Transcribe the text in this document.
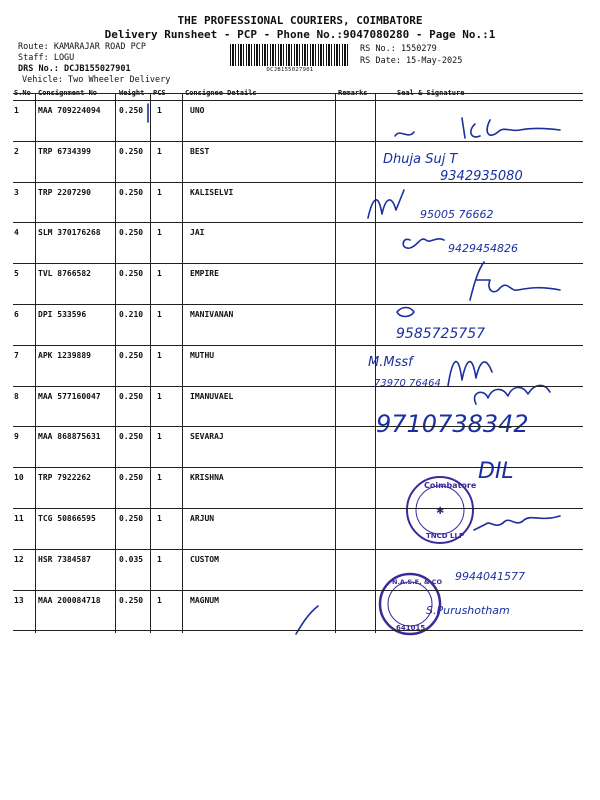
THE PROFESSIONAL COURIERS, COIMBATORE
Delivery Runsheet - PCP - Phone No.:9047080280 - Page No.:1
Route: KAMARAJAR ROAD PCP
Staff: LOGU
DRS No.: DCJB155027901
Vehicle: Two Wheeler Delivery
RS No.: 1550279
RS Date: 15-May-2025
DCJB155027901
S.No Consignment No	Weight PCS	Consignee Details	Remarks	Seal & Signature
1 MAA 709224094 0.250 1	UNO
2 TRP 6734399	0.250 1	BEST
3 TRP 2207290	0.250 1	KALISELVI
4 SLM 370176268 0.250 1	JAI
5 TVL 8766582	0.250 1	EMPIRE
6 DPI 533596	0.210 1	MANIVANAN
7 APK 1239889	0.250 1	MUTHU
8 MAA 577160047 0.250 1	IMANUVAEL
9 MAA 868875631 0.250 1	SEVARAJ
10 TRP 7922262	0.250 1	KRISHNA
11 TCG 50866595	0.250 1	ARJUN
12 HSR 7384587	0.035 1	CUSTOM
13 MAA 200084718 0.250 1	MAGNUM
Dhuja Suj T
9342935080
95005 76662
9429454826
9585725757
M.Mssf
73970 76464
9710738342
DIL
9944041577
S.Purushotham
Coimbatore
TNCD LLP
✱
N.A.S.E. & CO
641015
